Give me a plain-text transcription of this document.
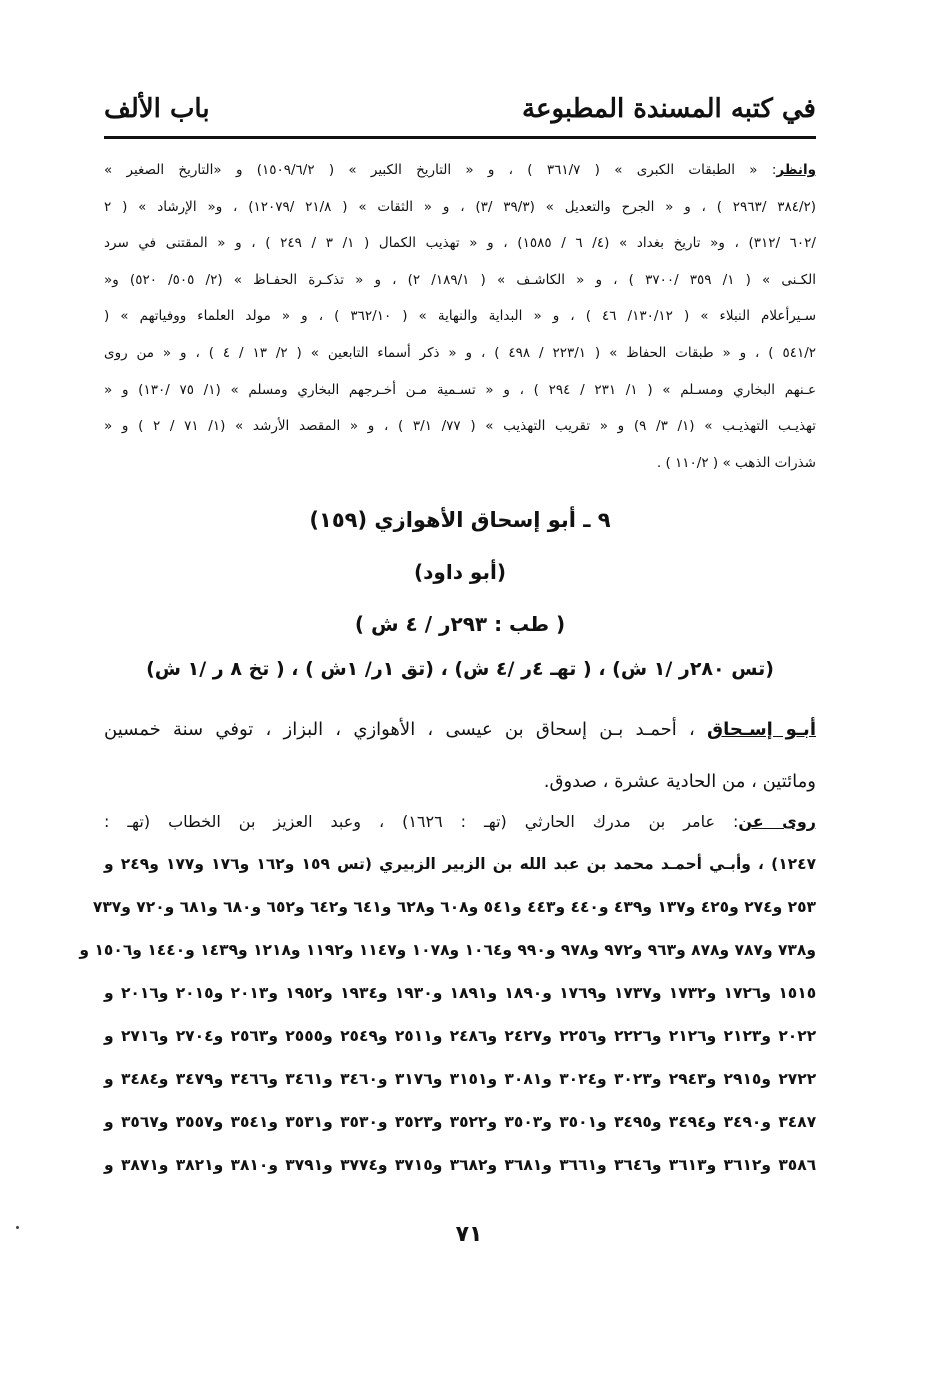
في كتبه المسندة المطبوعة
باب الألف
وانظر: « الطبقات الكبرى » ( ٣٦١/٧ ) ، و « التاريخ الكبير » ( ١٥٠٩/٦/٢) و «التاريخ الصغير »
(٣٨٤/٢ /٢٩٦٣ ) ، و « الجرح والتعديل » (٣٩/٣ /٣) ، و « الثقات » ( ٢١/٨ /١٢٠٧٩) ، و« الإرشاد » ( ٢
/٦٠٢ /٣١٢) ، و« تاريخ بغداد » (٤/ ٦ / ١٥٨٥) ، و « تهذيب الكمال ( ١/ ٣ / ٢٤٩ ) ، و « المقتنى في سرد
الكـنى » ( ١/ ٣٥٩ /٣٧٠٠ ) ، و « الكاشـف » ( ١٨٩/١/ ٢) ، و « تذكـرة الحفـاظ » (٢/ ٥٠٥/ ٥٢٠) و«
سـيرأعلام النبلاء » ( ١٣٠/١٢/ ٤٦ ) ، و « البداية والنهاية » ( ٣٦٢/١٠ ) ، و « مولد العلماء ووفياتهم » (
٥٤١/٢ ) ، و « طبقات الحفاظ » ( ٢٢٣/١ / ٤٩٨ ) ، و « ذكر أسماء التابعين » ( ٢/ ١٣ / ٤ ) ، و « من روى
عـنهم البخاري ومسـلم » ( ١/ ٢٣١ / ٢٩٤ ) ، و « تسـمية مـن أخـرجهم البخاري ومسلم » (١/ ٧٥ /١٣٠) و «
تهذيـب التهذيـب » (١/ ٣/ ٩) و « تقريب التهذيب » ( ٧٧/ ٣/١ ) ، و « المقصد الأرشد » (١/ ٧١ / ٢ ) و «
شذرات الذهب » ( ١١٠/٢ ) .
٩ ـ أبو إسحاق الأهوازي (١٥٩)
(أبو داود)
( طب : ٢٩٣ر / ٤ ش )
(تس ٢٨٠ر /١ ش) ، ( تهـ ٤ر /٤ ش) ، (تق ١ر/ ١ش ) ، ( تخ ٨ ر /١ ش)
أبـو إسـحاق ، أحمـد بـن إسحاق بن عيسى ، الأهوازي ، البزاز ، توفي سنة خمسين
ومائتين ، من الحادية عشرة ، صدوق.
روى عن: عامر بن مدرك الحارثي (تهـ : ١٦٢٦) ، وعبد العزيز بن الخطاب (تهـ :
١٢٤٧) ، وأبـي أحمـد محمد بن عبد الله بن الزبير الزبيري (تس ١٥٩ و١٦٢ و١٧٦ و١٧٧ و٢٤٩ و
٢٥٣ و٢٧٤ و٤٢٥ و١٣٧ و٤٣٩ و٤٤٠ و٤٤٣ و٥٤١ و٦٠٨ و٦٢٨ و٦٤١ و٦٤٢ و٦٥٢ و٦٨٠ و٦٨١ و٧٢٠ و٧٣٧
و٧٣٨ و٧٨٧ و٨٧٨ و٩٦٣ و٩٧٢ و٩٧٨ و٩٩٠ و١٠٦٤ و١٠٧٨ و١١٤٧ و١١٩٢ و١٢١٨ و١٤٣٩ و١٤٤٠ و١٥٠٦ و
١٥١٥ و١٧٢٦ و١٧٣٢ و١٧٣٧ و١٧٦٩ و١٨٩٠ و١٨٩١ و١٩٣٠ و١٩٣٤ و١٩٥٢ و٢٠١٣ و٢٠١٥ و٢٠١٦ و
٢٠٢٢ و٢١٢٣ و٢١٢٦ و٢٢٢٦ و٢٢٥٦ و٢٤٢٧ و٢٤٨٦ و٢٥١١ و٢٥٤٩ و٢٥٥٥ و٢٥٦٣ و٢٧٠٤ و٢٧١٦ و
٢٧٢٢ و٢٩١٥ و٢٩٤٣ و٣٠٢٣ و٣٠٢٤ و٣٠٨١ و٣١٥١ و٣١٧٦ و٣٤٦٠ و٣٤٦١ و٣٤٦٦ و٣٤٧٩ و٣٤٨٤ و
٣٤٨٧ و٣٤٩٠ و٣٤٩٤ و٣٤٩٥ و٣٥٠١ و٣٥٠٣ و٣٥٢٢ و٣٥٢٣ و٣٥٣٠ و٣٥٣١ و٣٥٤١ و٣٥٥٧ و٣٥٦٧ و
٣٥٨٦ و٣٦١٢ و٣٦١٣ و٣٦٤٦ و٣٦٦١ و٣٦٨١ و٣٦٨٢ و٣٧١٥ و٣٧٧٤ و٣٧٩١ و٣٨١٠ و٣٨٢١ و٣٨٧١ و
٧١
